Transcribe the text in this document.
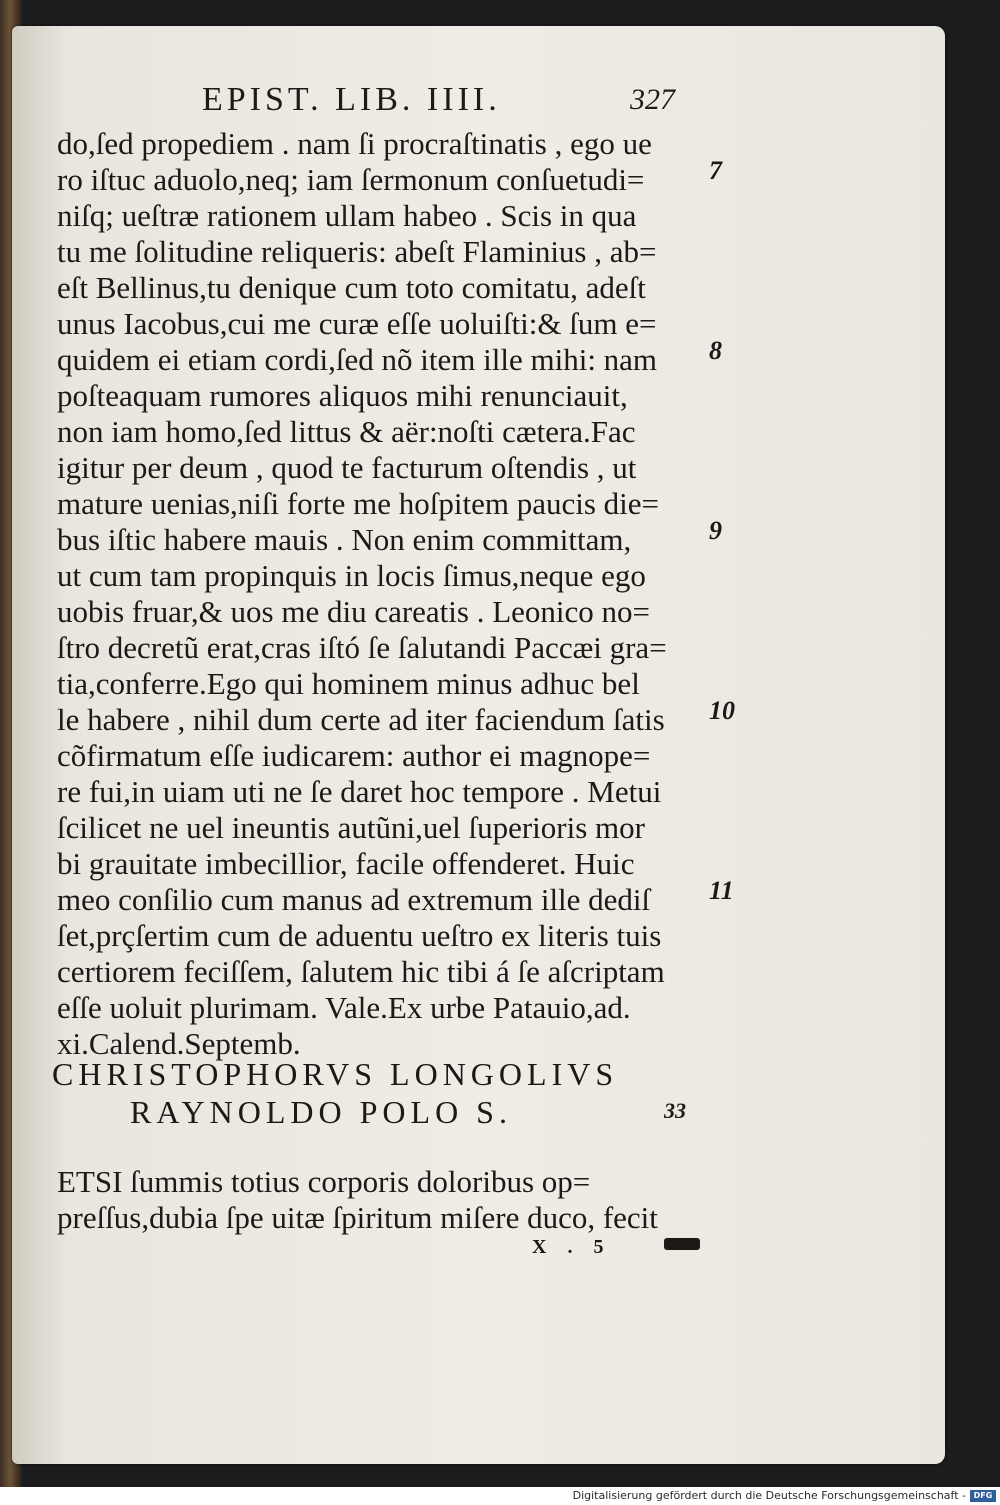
EPIST. LIB. IIII.	327
do,ſed propediem . nam ſi procraſtinatis , ego ue
ro iſtuc aduolo,neq; iam ſermonum conſuetudi=
niſq; ueſtræ rationem ullam habeo . Scis in qua
tu me ſolitudine reliqueris: abeſt Flaminius , ab=
eſt Bellinus,tu denique cum toto comitatu, adeſt
unus Iacobus,cui me curæ eſſe uoluiſti:& ſum e=
quidem ei etiam cordi,ſed nõ item ille mihi: nam
poſteaquam rumores aliquos mihi renunciauit,
non iam homo,ſed littus & aër:noſti cætera.Fac
igitur per deum , quod te facturum oſtendis , ut
mature uenias,niſi forte me hoſpitem paucis die=
bus iſtic habere mauis . Non enim committam,
ut cum tam propinquis in locis ſimus,neque ego
uobis fruar,& uos me diu careatis . Leonico no=
ſtro decretũ erat,cras iſtó ſe ſalutandi Paccæi gra=
tia,conferre.Ego qui hominem minus adhuc bel
le habere , nihil dum certe ad iter faciendum ſatis
cõfirmatum eſſe iudicarem: author ei magnope=
re fui,in uiam uti ne ſe daret hoc tempore . Metui
ſcilicet ne uel ineuntis autũni,uel ſuperioris mor
bi grauitate imbecillior, facile offenderet. Huic
meo conſilio cum manus ad extremum ille dediſ
ſet,prçſertim cum de aduentu ueſtro ex literis tuis
certiorem feciſſem, ſalutem hic tibi á ſe aſcriptam
eſſe uoluit plurimam. Vale.Ex urbe Patauio,ad.
xi.Calend.Septemb.
7
8
9
10
11
CHRISTOPHORVS LONGOLIVS
RAYNOLDO POLO S.	33
ETSI ſummis totius corporis doloribus op=
preſſus,dubia ſpe uitæ ſpiritum miſere duco, fecit
X . 5
Digitalisierung gefördert durch die Deutsche Forschungsgemeinschaft - DFG
